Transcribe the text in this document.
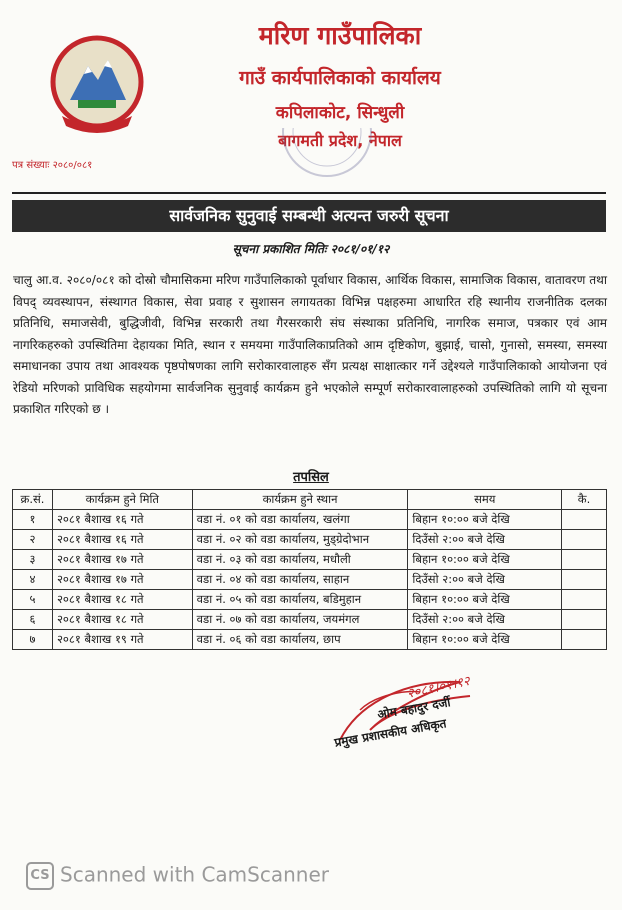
मरिण गाउँपालिका
गाउँ कार्यपालिकाको कार्यालय
कपिलाकोट, सिन्धुली
बागमती प्रदेश, नेपाल
पत्र संख्याः २०८०/०८१
सार्वजनिक सुनुवाई सम्बन्धी अत्यन्त जरुरी सूचना
सूचना प्रकाशित मितिः २०८१/०१/१२
चालु आ.व. २०८०/०८१ को दोस्रो चौमासिकमा मरिण गाउँपालिकाको पूर्वाधार विकास, आर्थिक विकास, सामाजिक विकास, वातावरण तथा विपद् व्यवस्थापन, संस्थागत विकास, सेवा प्रवाह र सुशासन लगायतका विभिन्न पक्षहरुमा आधारित रहि स्थानीय राजनीतिक दलका प्रतिनिधि, समाजसेवी, बुद्धिजीवी, विभिन्न सरकारी तथा गैरसरकारी संघ संस्थाका प्रतिनिधि, नागरिक समाज, पत्रकार एवं आम नागरिकहरुको उपस्थितिमा देहायका मिति, स्थान र समयमा गाउँपालिकाप्रतिको आम दृष्टिकोण, बुझाई, चासो, गुनासो, समस्या, समस्या समाधानका उपाय तथा आवश्यक पृष्ठपोषणका लागि सरोकारवालाहरु सँग प्रत्यक्ष साक्षात्कार गर्ने उद्देश्यले गाउँपालिकाको आयोजना एवं रेडियो मरिणको प्राविधिक सहयोगमा सार्वजनिक सुनुवाई कार्यक्रम हुने भएकोले सम्पूर्ण सरोकारवालाहरुको उपस्थितिको लागि यो सूचना प्रकाशित गरिएको छ ।
तपसिल
क्र.सं.	कार्यक्रम हुने मिति	कार्यक्रम हुने स्थान	समय	कै.
१	२०८१ बैशाख १६ गते	वडा नं. ०१ को वडा कार्यालय, खलंगा	बिहान १०:०० बजे देखि	
२	२०८१ बैशाख १६ गते	वडा नं. ०२ को वडा कार्यालय, मुड्ग्रेदोभान	दिउँसो २:०० बजे देखि	
३	२०८१ बैशाख १७ गते	वडा नं. ०३ को वडा कार्यालय, मधौली	बिहान १०:०० बजे देखि	
४	२०८१ बैशाख १७ गते	वडा नं. ०४ को वडा कार्यालय, साहान	दिउँसो २:०० बजे देखि	
५	२०८१ बैशाख १८ गते	वडा नं. ०५ को वडा कार्यालय, बडिमुहान	बिहान १०:०० बजे देखि	
६	२०८१ बैशाख १८ गते	वडा नं. ०७ को वडा कार्यालय, जयमंगल	दिउँसो २:०० बजे देखि	
७	२०८१ बैशाख १९ गते	वडा नं. ०६ को वडा कार्यालय, छाप	बिहान १०:०० बजे देखि	
२०८१।०१।१२
ओम बहादुर दर्जी
प्रमुख प्रशासकीय अधिकृत
CS Scanned with CamScanner
